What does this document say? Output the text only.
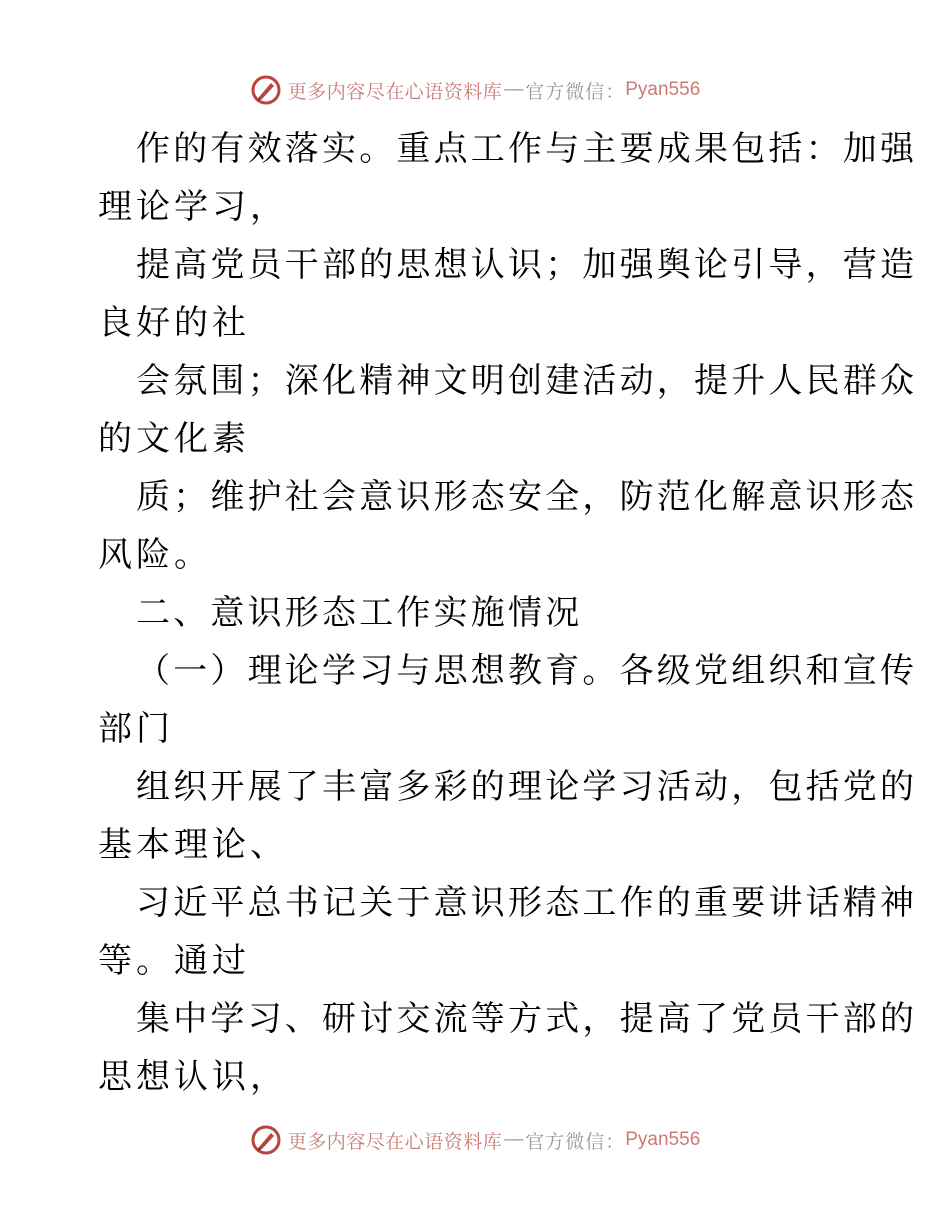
更多内容尽在心语资料库 — 官方微信： Pyan556
作的有效落实。重点工作与主要成果包括：加强
理论学习，
提高党员干部的思想认识；加强舆论引导，营造
良好的社
会氛围；深化精神文明创建活动，提升人民群众
的文化素
质；维护社会意识形态安全，防范化解意识形态
风险。
二、意识形态工作实施情况
（一）理论学习与思想教育。各级党组织和宣传
部门
组织开展了丰富多彩的理论学习活动，包括党的
基本理论、
习近平总书记关于意识形态工作的重要讲话精神
等。通过
集中学习、研讨交流等方式，提高了党员干部的
思想认识，
更多内容尽在心语资料库 — 官方微信： Pyan556
